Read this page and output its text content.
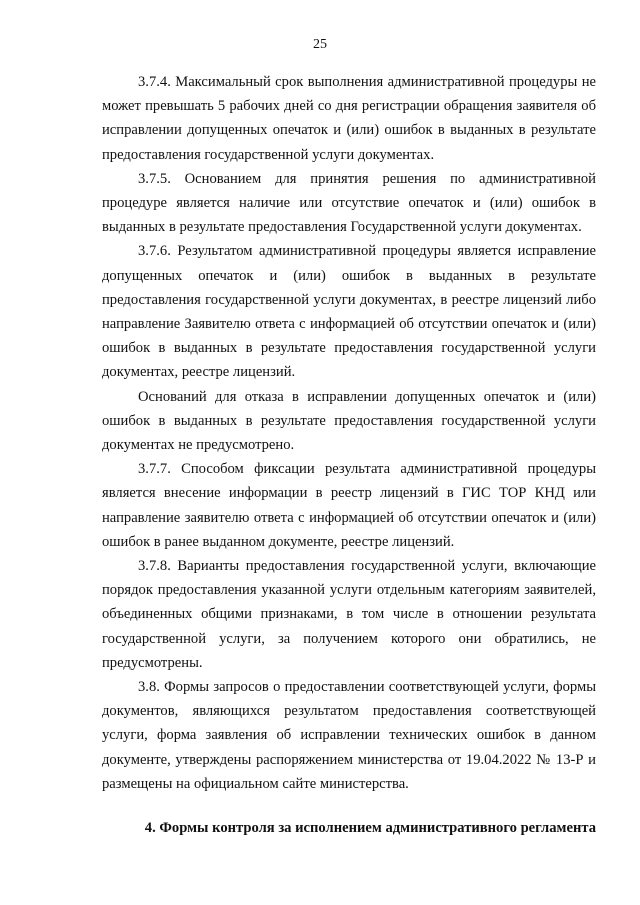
25

3.7.4. Максимальный срок выполнения административной процедуры не может превышать 5 рабочих дней со дня регистрации обращения заявителя об исправлении допущенных опечаток и (или) ошибок в выданных в результате предоставления государственной услуги документах.

3.7.5. Основанием для принятия решения по административной процедуре является наличие или отсутствие опечаток и (или) ошибок в выданных в результате предоставления Государственной услуги документах.

3.7.6. Результатом административной процедуры является исправление допущенных опечаток и (или) ошибок в выданных в результате предоставления государственной услуги документах, в реестре лицензий либо направление Заявителю ответа с информацией об отсутствии опечаток и (или) ошибок в выданных в результате предоставления государственной услуги документах, реестре лицензий.

Оснований для отказа в исправлении допущенных опечаток и (или) ошибок в выданных в результате предоставления государственной услуги документах не предусмотрено.

3.7.7. Способом фиксации результата административной процедуры является внесение информации в реестр лицензий в ГИС ТОР КНД или направление заявителю ответа с информацией об отсутствии опечаток и (или) ошибок в ранее выданном документе, реестре лицензий.

3.7.8. Варианты предоставления государственной услуги, включающие порядок предоставления указанной услуги отдельным категориям заявителей, объединенных общими признаками, в том числе в отношении результата государственной услуги, за получением которого они обратились, не предусмотрены.

3.8. Формы запросов о предоставлении соответствующей услуги, формы документов, являющихся результатом предоставления соответствующей услуги, форма заявления об исправлении технических ошибок в данном документе, утверждены распоряжением министерства от 19.04.2022 № 13-Р и размещены на официальном сайте министерства.

4. Формы контроля за исполнением административного регламента
